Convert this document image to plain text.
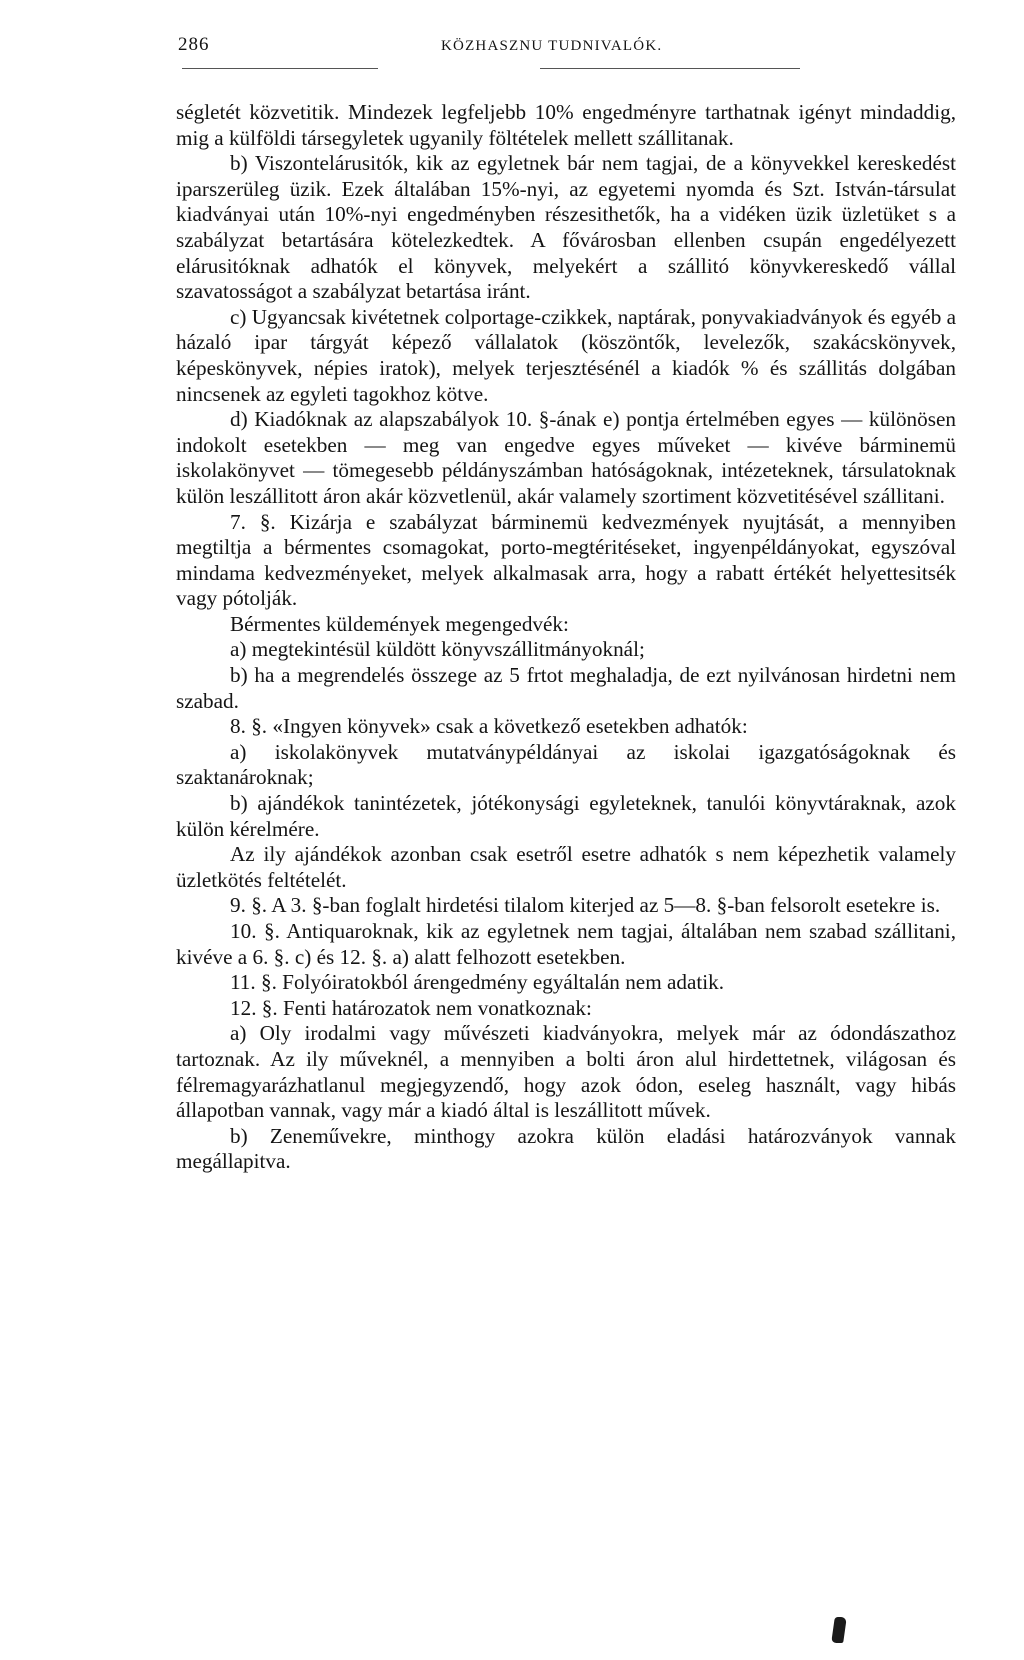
286	KÖZHASZNU TUDNIVALÓK.

ségletét közvetitik. Mindezek legfeljebb 10% engedményre tarthatnak igényt mindaddig, mig a külföldi társegyletek ugyanily föltételek mellett szállitanak.

b) Viszontelárusitók, kik az egyletnek bár nem tagjai, de a könyvekkel kereskedést iparszerüleg üzik. Ezek általában 15%-nyi, az egyetemi nyomda és Szt. István-társulat kiadványai után 10%-nyi engedményben részesithetők, ha a vidéken üzik üzletüket s a szabályzat betartására kötelezkedtek. A fővárosban ellenben csupán engedélyezett elárusitóknak adhatók el könyvek, melyekért a szállitó könyvkereskedő vállal szavatosságot a szabályzat betartása iránt.

c) Ugyancsak kivétetnek colportage-czikkek, naptárak, ponyvakiadványok és egyéb a házaló ipar tárgyát képező vállalatok (köszöntők, levelezők, szakácskönyvek, képeskönyvek, népies iratok), melyek terjesztésénél a kiadók % és szállitás dolgában nincsenek az egyleti tagokhoz kötve.

d) Kiadóknak az alapszabályok 10. §-ának e) pontja értelmében egyes — különösen indokolt esetekben — meg van engedve egyes műveket — kivéve bárminemü iskolakönyvet — tömegesebb példányszámban hatóságoknak, intézeteknek, társulatoknak külön leszállitott áron akár közvetlenül, akár valamely szortiment közvetitésével szállitani.

7. §. Kizárja e szabályzat bárminemü kedvezmények nyujtását, a mennyiben megtiltja a bérmentes csomagokat, porto-megtéritéseket, ingyenpéldányokat, egyszóval mindama kedvezményeket, melyek alkalmasak arra, hogy a rabatt értékét helyettesitsék vagy pótolják.

Bérmentes küldemények megengedvék:

a) megtekintésül küldött könyvszállitmányoknál;

b) ha a megrendelés összege az 5 frtot meghaladja, de ezt nyilvánosan hirdetni nem szabad.

8. §. «Ingyen könyvek» csak a következő esetekben adhatók:

a) iskolakönyvek mutatványpéldányai az iskolai igazgatóságoknak és szaktanároknak;

b) ajándékok tanintézetek, jótékonysági egyleteknek, tanulói könyvtáraknak, azok külön kérelmére.

Az ily ajándékok azonban csak esetről esetre adhatók s nem képezhetik valamely üzletkötés feltételét.

9. §. A 3. §-ban foglalt hirdetési tilalom kiterjed az 5—8. §-ban felsorolt esetekre is.

10. §. Antiquaroknak, kik az egyletnek nem tagjai, általában nem szabad szállitani, kivéve a 6. §. c) és 12. §. a) alatt felhozott esetekben.

11. §. Folyóiratokból árengedmény egyáltalán nem adatik.

12. §. Fenti határozatok nem vonatkoznak:

a) Oly irodalmi vagy művészeti kiadványokra, melyek már az ódondászathoz tartoznak. Az ily műveknél, a mennyiben a bolti áron alul hirdettetnek, világosan és félremagyarázhatlanul megjegyzendő, hogy azok ódon, eseleg használt, vagy hibás állapotban vannak, vagy már a kiadó által is leszállitott művek.

b) Zeneművekre, minthogy azokra külön eladási határozványok vannak megállapitva.
